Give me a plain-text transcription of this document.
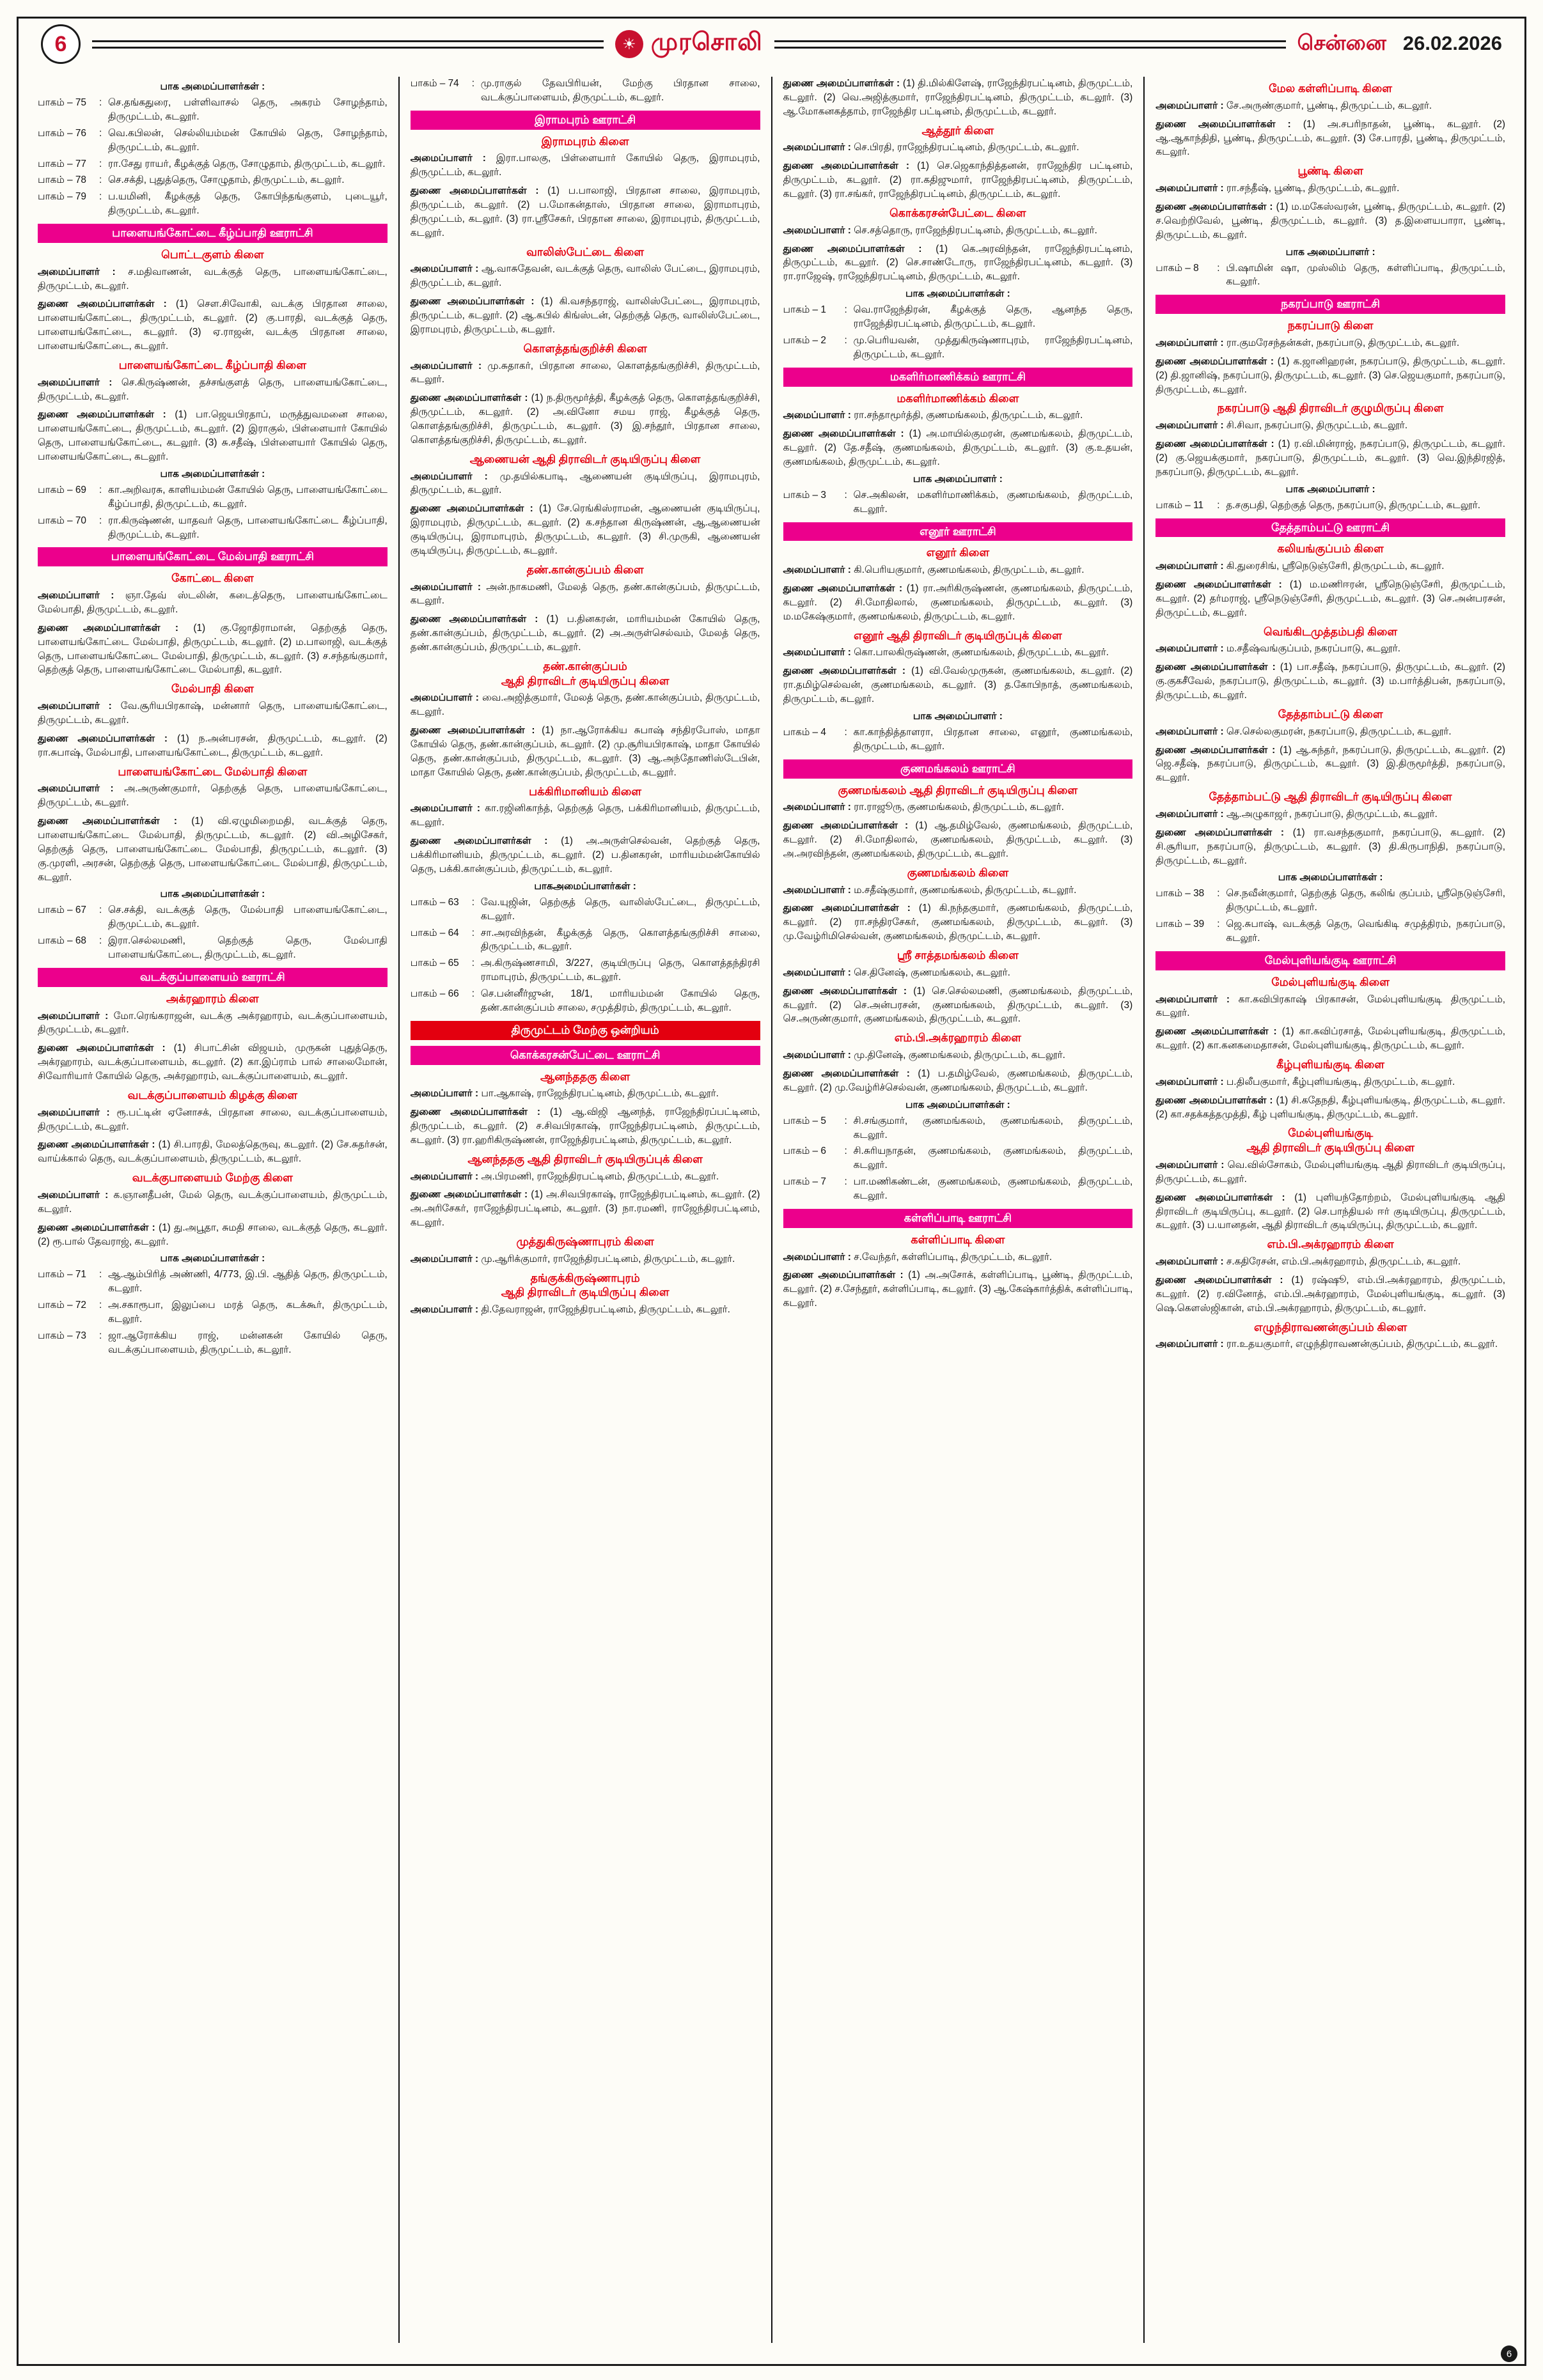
6	☀ முரசொலி	சென்னை 26.02.2026
பாக அமைப்பாளர்கள் :
பாகம் – 75	: செ.தங்கதுரை, பள்ளிவாசல் தெரு, அகரம் சோழந்தாம், திருமுட்டம், கடலூர்.
பாகம் – 76	: வெ.கபிலன், செல்லியம்மன் கோயில் தெரு, சோழந்தாம், திருமுட்டம், கடலூர்.
பாகம் – 77	: ரா.சேது ராயர், கீழக்குத் தெரு, சோழுதாம், திருமுட்டம், கடலூர்.
பாகம் – 78	: செ.சக்தி, புதுத்தெரு, சோழுதாம், திருமுட்டம், கடலூர்.
பாகம் – 79	: ப.யமினி, கீழக்குத் தெரு, கோபிந்தங்குளம், புடையூர், திருமுட்டம், கடலூர்.
பாளையங்கோட்டை கீழ்ப்பாதி ஊராட்சி
பொட்டகுளம் கிளை

அமைப்பாளர் : ச.மதிவாணன், வடக்குத் தெரு, பாளையங்கோட்டை, திருமுட்டம், கடலூர்.

துணை அமைப்பாளர்கள் : (1) சௌ.சிவோகி, வடக்கு பிரதான சாலை, பாளையங்கோட்டை, திருமுட்டம், கடலூர். (2) கு.பாரதி, வடக்குத் தெரு, பாளையங்கோட்டை, கடலூர். (3) ஏ.ராஜன், வடக்கு பிரதான சாலை, பாளையங்கோட்டை, கடலூர்.

பாளையங்கோட்டை கீழ்ப்பாதி கிளை

அமைப்பாளர் : செ.கிருஷ்ணன், தச்சங்குளத் தெரு, பாளையங்கோட்டை, திருமுட்டம், கடலூர்.

துணை அமைப்பாளர்கள் : (1) பா.ஜெயபிரதாப், மருத்துவமனை சாலை, பாளையங்கோட்டை, திருமுட்டம், கடலூர். (2) இராகுல், பிள்ளையார் கோயில் தெரு, பாளையங்கோட்டை, கடலூர். (3) சு.சதீஷ், பிள்ளையார் கோயில் தெரு, பாளையங்கோட்டை, கடலூர்.

பாக அமைப்பாளர்கள் :
பாகம் – 69	: கா.அறிவரசு, காளியம்மன் கோயில் தெரு, பாளையங்கோட்டை கீழ்ப்பாதி, திருமுட்டம், கடலூர்.
பாகம் – 70	: ரா.கிருஷ்ணன், யாதவர் தெரு, பாளையங்கோட்டை கீழ்ப்பாதி, திருமுட்டம், கடலூர்.
பாளையங்கோட்டை மேல்பாதி ஊராட்சி
கோட்டை கிளை

அமைப்பாளர் : ஞா.தேவ் ஸ்டலின், கடைத்தெரு, பாளையங்கோட்டை மேல்பாதி, திருமுட்டம், கடலூர்.

துணை அமைப்பாளர்கள் : (1) கு.ஜோதிராமான், தெற்குத் தெரு, பாளையங்கோட்டை மேல்பாதி, திருமுட்டம், கடலூர். (2) ம.பாலாஜி, வடக்குத் தெரு, பாளையங்கோட்டை மேல்பாதி, திருமுட்டம், கடலூர். (3) ச.சந்தங்குமார், தெற்குத் தெரு, பாளையங்கோட்டை மேல்பாதி, கடலூர்.

மேல்பாதி கிளை

அமைப்பாளர் : வே.சூரியபிரகாஷ், மன்னார் தெரு, பாளையங்கோட்டை, திருமுட்டம், கடலூர்.

துணை அமைப்பாளர்கள் : (1) ந.அன்பரசன், திருமுட்டம், கடலூர். (2) ரா.சுபாஷ், மேல்பாதி, பாளையங்கோட்டை, திருமுட்டம், கடலூர்.

பாளையங்கோட்டை மேல்பாதி கிளை

அமைப்பாளர் : அ.அருண்குமார், தெற்குத் தெரு, பாளையங்கோட்டை, திருமுட்டம், கடலூர்.

துணை அமைப்பாளர்கள் : (1) வி.ஏழுமிறைமதி, வடக்குத் தெரு, பாளையங்கோட்டை மேல்பாதி, திருமுட்டம், கடலூர். (2) வி.அழிசேகர், தெற்குத் தெரு, பாளையங்கோட்டை மேல்பாதி, திருமுட்டம், கடலூர். (3) கு.முரளி, அரசன், தெற்குத் தெரு, பாளையங்கோட்டை மேல்பாதி, திருமுட்டம், கடலூர்.

பாக அமைப்பாளர்கள் :
பாகம் – 67	: செ.சக்தி, வடக்குத் தெரு, மேல்பாதி பாளையங்கோட்டை, திருமுட்டம், கடலூர்.
பாகம் – 68	: இரா.செல்லமணி, தெற்குத் தெரு, மேல்பாதி பாளையங்கோட்டை, திருமுட்டம், கடலூர்.
வடக்குப்பாளையம் ஊராட்சி
அக்ரஹாரம் கிளை

அமைப்பாளர் : மோ.ரெங்கராஜன், வடக்கு அக்ரஹாரம், வடக்குப்பாளையம், திருமுட்டம், கடலூர்.

துணை அமைப்பாளர்கள் : (1) சிபாட்சின் விஜயம், முருகன் புதுத்தெரு, அக்ரஹாரம், வடக்குப்பாளையம், கடலூர். (2) கா.இப்ராம் பால் சாலைமோன், சிவோரியார் கோயில் தெரு, அக்ரஹாரம், வடக்குப்பாளையம், கடலூர்.

வடக்குப்பாளையம் கிழக்கு கிளை

அமைப்பாளர் : ரூ.பட்டின் ஏனோசக், பிரதான சாலை, வடக்குப்பாளையம், திருமுட்டம், கடலூர்.

துணை அமைப்பாளர்கள் : (1) சி.பாரதி, மேலத்தெருவு, கடலூர். (2) சே.சுதர்சன், வாய்க்கால் தெரு, வடக்குப்பாளையம், திருமுட்டம், கடலூர்.

வடக்குபாளையம் மேற்கு கிளை

அமைப்பாளர் : க.ஞானதீபன், மேல் தெரு, வடக்குப்பாளையம், திருமுட்டம், கடலூர்.

துணை அமைப்பாளர்கள் : (1) து.அபூதா, சுமதி சாலை, வடக்குத் தெரு, கடலூர். (2) ரூ.பால் தேவராஜ், கடலூர்.

பாக அமைப்பாளர்கள் :
பாகம் – 71	: ஆ.ஆம்பிரித் அண்ணி, 4/773, இ.பி. ஆதித் தெரு, திருமுட்டம், கடலூர்.
பாகம் – 72	: அ.சகாரூபா, இலுப்பை மரத் தெரு, கடக்கூர், திருமுட்டம், கடலூர்.
பாகம் – 73	: ஜா.ஆரோக்கிய ராஜ், மன்னகன் கோயில் தெரு, வடக்குப்பாளையம், திருமுட்டம், கடலூர்.
பாகம் – 74	: மு.ராகுல் தேவபிரியன், மேற்கு பிரதான சாலை, வடக்குப்பாளையம், திருமுட்டம், கடலூர்.
இராமபுரம் ஊராட்சி
இராமபுரம் கிளை

அமைப்பாளர் : இரா.பாலகு, பிள்ளையார் கோயில் தெரு, இராமபுரம், திருமுட்டம், கடலூர்.

துணை அமைப்பாளர்கள் : (1) ப.பாலாஜி, பிரதான சாலை, இராமபுரம், திருமுட்டம், கடலூர். (2) ப.மோகன்தாஸ், பிரதான சாலை, இராமாபுரம், திருமுட்டம், கடலூர். (3) ரா.ஸ்ரீசேகர், பிரதான சாலை, இராமபுரம், திருமுட்டம், கடலூர்.

வாலிஸ்பேட்டை கிளை

அமைப்பாளர் : ஆ.வாசுதேவன், வடக்குத் தெரு, வாலிஸ் பேட்டை, இராமபுரம், திருமுட்டம், கடலூர்.

துணை அமைப்பாளர்கள் : (1) கி.வசந்தராஜ், வாலிஸ்பேட்டை, இராமபுரம், திருமுட்டம், கடலூர். (2) ஆ.கபில் கிங்ஸ்டன், தெற்குத் தெரு, வாலிஸ்பேட்டை, இராமபுரம், திருமுட்டம், கடலூர்.

கொளத்தங்குறிச்சி கிளை

அமைப்பாளர் : மு.சுதாகர், பிரதான சாலை, கொளத்தங்குறிச்சி, திருமுட்டம், கடலூர்.

துணை அமைப்பாளர்கள் : (1) ந.திருமூர்த்தி, கீழக்குத் தெரு, கொளத்தங்குறிச்சி, திருமுட்டம், கடலூர். (2) அ.வினோ சமய ராஜ், கீழக்குத் தெரு, கொளத்தங்குறிச்சி, திருமுட்டம், கடலூர். (3) இ.சந்தூர், பிரதான சாலை, கொளத்தங்குறிச்சி, திருமுட்டம், கடலூர்.

ஆணையன் ஆதி திராவிடர் குடியிருப்பு கிளை

அமைப்பாளர் : மு.தயில்கபாடி, ஆணையன் குடியிருப்பு, இராமபுரம், திருமுட்டம், கடலூர்.

துணை அமைப்பாளர்கள் : (1) சே.ரெங்கிஸ்ராமன், ஆணையன் குடியிருப்பு, இராமபுரம், திருமுட்டம், கடலூர். (2) க.சந்தான கிருஷ்ணன், ஆ.ஆணையன் குடியிருப்பு, இராமாபுரம், திருமுட்டம், கடலூர். (3) சி.முருகி, ஆணையன் குடியிருப்பு, திருமுட்டம், கடலூர்.

தண்.கான்குப்பம் கிளை

அமைப்பாளர் : அன்.நாகமணி, மேலத் தெரு, தண்.கான்குப்பம், திருமுட்டம், கடலூர்.

துணை அமைப்பாளர்கள் : (1) ப.தினகரன், மாரியம்மன் கோயில் தெரு, தண்.கான்குப்பம், திருமுட்டம், கடலூர். (2) அ.அருள்செல்வம், மேலத் தெரு, தண்.கான்குப்பம், திருமுட்டம், கடலூர்.

தண்.கான்குப்பம்
ஆதி திராவிடர் குடியிருப்பு கிளை

அமைப்பாளர் : வை.அஜித்குமார், மேலத் தெரு, தண்.கான்குப்பம், திருமுட்டம், கடலூர்.

துணை அமைப்பாளர்கள் : (1) நா.ஆரோக்கிய சுபாஷ் சந்திரபோஸ், மாதா கோயில் தெரு, தண்.கான்குப்பம், கடலூர். (2) மு.சூரியபிரகாஷ், மாதா கோயில் தெரு, தண்.கான்குப்பம், திருமுட்டம், கடலூர். (3) ஆ.அந்தோணிஸ்டேபின், மாதா கோயில் தெரு, தண்.கான்குப்பம், திருமுட்டம், கடலூர்.

பக்கிரிமானியம் கிளை

அமைப்பாளர் : கா.ரஜினிகாந்த், தெற்குத் தெரு, பக்கிரிமானியம், திருமுட்டம், கடலூர்.

துணை அமைப்பாளர்கள் : (1) அ.அருள்செல்வன், தெற்குத் தெரு, பக்கிரிமானியம், திருமுட்டம், கடலூர். (2) ப.தினகரன், மாரியம்மன்கோயில் தெரு, பக்கி.கான்குப்பம், திருமுட்டம், கடலூர்.

பாகஅமைப்பாளர்கள் :
பாகம் – 63	: வே.யுஜின், தெற்குத் தெரு, வாலிஸ்பேட்டை, திருமுட்டம், கடலூர்.
பாகம் – 64	: சா.அரவிந்தன், கீழக்குத் தெரு, கொளத்தங்குறிச்சி சாலை, திருமுட்டம், கடலூர்.
பாகம் – 65	: அ.கிருஷ்ணசாமி, 3/227, குடியிருப்பு தெரு, கொளத்தந்திரசி ராமாபுரம், திருமுட்டம், கடலூர்.
பாகம் – 66	: செ.பன்னீர்ஜுன், 18/1, மாரியம்மன் கோயில் தெரு, தண்.கான்குப்பம் சாலை, சமுத்திரம், திருமுட்டம், கடலூர்.
திருமுட்டம் மேற்கு ஒன்றியம்
கொக்கரசன்பேட்டை ஊராட்சி
ஆனந்ததகு கிளை

அமைப்பாளர் : பா.ஆகாஷ், ராஜேந்திரபட்டினம், திருமுட்டம், கடலூர்.

துணை அமைப்பாளர்கள் : (1) ஆ.விஜி ஆனந்த், ராஜேந்திரப்பட்டினம், திருமுட்டம், கடலூர். (2) ச.சிவபிரகாஷ், ராஜேந்திரபட்டினம், திருமுட்டம், கடலூர். (3) ரா.ஹரிகிருஷ்ணன், ராஜேந்திரபட்டினம், திருமுட்டம், கடலூர்.

ஆனந்ததகு ஆதி திராவிடர் குடியிருப்புக் கிளை

அமைப்பாளர் : அ.பிரமணி, ராஜேந்திரபட்டினம், திருமுட்டம், கடலூர்.

துணை அமைப்பாளர்கள் : (1) அ.சிவபிரகாஷ், ராஜேந்திரபட்டினம், கடலூர். (2) அ.அரிசேகர், ராஜேந்திரபட்டினம், கடலூர். (3) நா.ரமணி, ராஜேந்திரபட்டினம், கடலூர்.

முத்துகிருஷ்ணாபுரம் கிளை

அமைப்பாளர் : மு.ஆரிக்குமார், ராஜேந்திரபட்டினம், திருமுட்டம், கடலூர்.

தங்குக்கிருஷ்ணாபுரம்
ஆதி திராவிடர் குடியிருப்பு கிளை

அமைப்பாளர் : தி.தேவராஜன், ராஜேந்திரபட்டினம், திருமுட்டம், கடலூர்.

துணை அமைப்பாளர்கள் : (1) தி.மில்கிளேஷ், ராஜேந்திரபட்டினம், திருமுட்டம், கடலூர். (2) வெ.அஜித்குமார், ராஜேந்திரபட்டினம், திருமுட்டம், கடலூர். (3) ஆ.மோகனகத்தாம், ராஜேந்திர பட்டினம், திருமுட்டம், கடலூர்.

ஆத்தூர் கிளை

அமைப்பாளர் : செ.பிரதி, ராஜேந்திரபட்டினம், திருமுட்டம், கடலூர்.

துணை அமைப்பாளர்கள் : (1) செ.ஜெகாந்தித்தனன், ராஜேந்திர பட்டினம், திருமுட்டம், கடலூர். (2) ரா.கதிஜுமார், ராஜேந்திரபட்டினம், திருமுட்டம், கடலூர். (3) ரா.சங்கர், ராஜேந்திரபட்டினம், திருமுட்டம், கடலூர்.

கொக்கரசன்பேட்டை கிளை

அமைப்பாளர் : செ.சத்தொரு, ராஜேந்திரபட்டினம், திருமுட்டம், கடலூர்.

துணை அமைப்பாளர்கள் : (1) கெ.அரவிந்தன், ராஜேந்திரபட்டினம், திருமுட்டம், கடலூர். (2) செ.சாண்டோரு, ராஜேந்திரபட்டினம், கடலூர். (3) ரா.ராஜேஷ், ராஜேந்திரபட்டினம், திருமுட்டம், கடலூர்.

பாக அமைப்பாளர்கள் :
பாகம் – 1	: வெ.ராஜேந்திரன், கீழக்குத் தெரு, ஆனந்த தெரு, ராஜேந்திரபட்டினம், திருமுட்டம், கடலூர்.
பாகம் – 2	: மு.பெரியவன், முத்துகிருஷ்ணாபுரம், ராஜேந்திரபட்டினம், திருமுட்டம், கடலூர்.
மகளிர்மாணிக்கம் ஊராட்சி
மகளிர்மாணிக்கம் கிளை

அமைப்பாளர் : ரா.சந்தாமூர்த்தி, குணமங்கலம், திருமுட்டம், கடலூர்.

துணை அமைப்பாளர்கள் : (1) அ.மாயில்குமரன், குணமங்கலம், திருமுட்டம், கடலூர். (2) தே.சதீஷ், குணமங்கலம், திருமுட்டம், கடலூர். (3) கு.உதயன், குணமங்கலம், திருமுட்டம், கடலூர்.

பாக அமைப்பாளர் :
பாகம் – 3	: செ.அகிலன், மகளிர்மாணிக்கம், குணமங்கலம், திருமுட்டம், கடலூர்.
எனூர் ஊராட்சி
எனூர் கிளை

அமைப்பாளர் : கி.பெரியகுமார், குணமங்கலம், திருமுட்டம், கடலூர்.

துணை அமைப்பாளர்கள் : (1) ரா.அரிகிருஷ்ணன், குணமங்கலம், திருமுட்டம், கடலூர். (2) சி.மோதிலால், குணமங்கலம், திருமுட்டம், கடலூர். (3) ம.மகேஷ்குமார், குணமங்கலம், திருமுட்டம், கடலூர்.

எனூர் ஆதி திராவிடர் குடியிருப்புக் கிளை

அமைப்பாளர் : கொ.பாலகிருஷ்ணன், குணமங்கலம், திருமுட்டம், கடலூர்.

துணை அமைப்பாளர்கள் : (1) வி.வேல்முருகன், குணமங்கலம், கடலூர். (2) ரா.தமிழ்செல்வன், குணமங்கலம், கடலூர். (3) த.கோபிநாத், குணமங்கலம், திருமுட்டம், கடலூர்.

பாக அமைப்பாளர் :
பாகம் – 4	: கா.காந்தித்தாளரா, பிரதான சாலை, எனூர், குணமங்கலம், திருமுட்டம், கடலூர்.
குணமங்கலம் ஊராட்சி
குணமங்கலம் ஆதி திராவிடர் குடியிருப்பு கிளை

அமைப்பாளர் : ரா.ராஜூரு, குணமங்கலம், திருமுட்டம், கடலூர்.

துணை அமைப்பாளர்கள் : (1) ஆ.தமிழ்வேல், குணமங்கலம், திருமுட்டம், கடலூர். (2) சி.மோதிலால், குணமங்கலம், திருமுட்டம், கடலூர். (3) அ.அரவிந்தன், குணமங்கலம், திருமுட்டம், கடலூர்.

குணமங்கலம் கிளை

அமைப்பாளர் : ம.சதீஷ்குமார், குணமங்கலம், திருமுட்டம், கடலூர்.

துணை அமைப்பாளர்கள் : (1) கி.நந்தகுமார், குணமங்கலம், திருமுட்டம், கடலூர். (2) ரா.சந்திரசேகர், குணமங்கலம், திருமுட்டம், கடலூர். (3) மு.வேழ்ரிமிசெல்வன், குணமங்கலம், திருமுட்டம், கடலூர்.

ஸ்ரீ சாத்தமங்கலம் கிளை

அமைப்பாளர் : செ.தினேஷ், குணமங்கலம், கடலூர்.

துணை அமைப்பாளர்கள் : (1) செ.செல்லமணி, குணமங்கலம், திருமுட்டம், கடலூர். (2) செ.அன்பரசன், குணமங்கலம், திருமுட்டம், கடலூர். (3) செ.அருண்குமார், குணமங்கலம், திருமுட்டம், கடலூர்.

எம்.பி.அக்ரஹாரம் கிளை

அமைப்பாளர் : மு.தினேஷ், குணமங்கலம், திருமுட்டம், கடலூர்.

துணை அமைப்பாளர்கள் : (1) ப.தமிழ்வேல், குணமங்கலம், திருமுட்டம், கடலூர். (2) மு.வேழ்ரிச்செல்வன், குணமங்கலம், திருமுட்டம், கடலூர்.

பாக அமைப்பாளர்கள் :
பாகம் – 5	: சி.சங்குமார், குணமங்கலம், குணமங்கலம், திருமுட்டம், கடலூர்.
பாகம் – 6	: சி.சுரியநாதன், குணமங்கலம், குணமங்கலம், திருமுட்டம், கடலூர்.
பாகம் – 7	: பா.மணிகண்டன், குணமங்கலம், குணமங்கலம், திருமுட்டம், கடலூர்.
கள்ளிப்பாடி ஊராட்சி
கள்ளிப்பாடி கிளை

அமைப்பாளர் : ச.வேந்தர், கள்ளிப்பாடி, திருமுட்டம், கடலூர்.

துணை அமைப்பாளர்கள் : (1) அ.அசோக், கள்ளிப்பாடி, பூண்டி, திருமுட்டம், கடலூர். (2) ச.சேந்தூர், கள்ளிப்பாடி, கடலூர். (3) ஆ.கேஷ்கார்த்திக், கள்ளிப்பாடி, கடலூர்.

மேல கள்ளிப்பாடி கிளை

அமைப்பாளர் : சே.அருண்குமார், பூண்டி, திருமுட்டம், கடலூர்.

துணை அமைப்பாளர்கள் : (1) அ.சபரிநாதன், பூண்டி, கடலூர். (2) ஆ.ஆகாந்திதி, பூண்டி, திருமுட்டம், கடலூர். (3) சே.பாரதி, பூண்டி, திருமுட்டம், கடலூர்.

பூண்டி கிளை

அமைப்பாளர் : ரா.சந்தீஷ், பூண்டி, திருமுட்டம், கடலூர்.

துணை அமைப்பாளர்கள் : (1) ம.மகேஸ்வரன், பூண்டி, திருமுட்டம், கடலூர். (2) ச.வெற்றிவேல், பூண்டி, திருமுட்டம், கடலூர். (3) த.இளையபாரா, பூண்டி, திருமுட்டம், கடலூர்.

பாக அமைப்பாளர் :
பாகம் – 8	: பி.ஷாமின் ஷா, முஸ்லிம் தெரு, கள்ளிப்பாடி, திருமுட்டம், கடலூர்.
நகரப்பாடு ஊராட்சி
நகரப்பாடு கிளை

அமைப்பாளர் : ரா.குமரேசந்தன்கள், நகரப்பாடு, திருமுட்டம், கடலூர்.

துணை அமைப்பாளர்கள் : (1) க.ஜானிஹரன், நகரப்பாடு, திருமுட்டம், கடலூர். (2) தி.ஜானிஷ், நகரப்பாடு, திருமுட்டம், கடலூர். (3) செ.ஜெயகுமார், நகரப்பாடு, திருமுட்டம், கடலூர்.

நகரப்பாடு ஆதி திராவிடர் குழுமிருப்பு கிளை

அமைப்பாளர் : சி.சிவா, நகரப்பாடு, திருமுட்டம், கடலூர்.

துணை அமைப்பாளர்கள் : (1) ர.வி.மின்ராஜ், நகரப்பாடு, திருமுட்டம், கடலூர். (2) கு.ஜெயக்குமார், நகரப்பாடு, திருமுட்டம், கடலூர். (3) வெ.இந்திரஜித், நகரப்பாடு, திருமுட்டம், கடலூர்.

பாக அமைப்பாளர் :
பாகம் – 11	: த.சகுபதி, தெற்குத் தெரு, நகரப்பாடு, திருமுட்டம், கடலூர்.
தேத்தாம்பட்டு ஊராட்சி
கலியங்குப்பம் கிளை

அமைப்பாளர் : கி.துரைசிங், ஸ்ரீநெடுஞ்சேரி, திருமுட்டம், கடலூர்.

துணை அமைப்பாளர்கள் : (1) ம.மணிஈரன், ஸ்ரீநெடுஞ்சேரி, திருமுட்டம், கடலூர். (2) தர்மராஜ், ஸ்ரீநெடுஞ்சேரி, திருமுட்டம், கடலூர். (3) செ.அன்பரசன், திருமுட்டம், கடலூர்.

வெங்கிடமுத்தம்பதி கிளை

அமைப்பாளர் : ம.சதீஷ்வங்குப்பம், நகரப்பாடு, கடலூர்.

துணை அமைப்பாளர்கள் : (1) பா.சதீஷ், நகரப்பாடு, திருமுட்டம், கடலூர். (2) கு.குகசீவேல், நகரப்பாடு, திருமுட்டம், கடலூர். (3) ம.பார்த்திபன், நகரப்பாடு, திருமுட்டம், கடலூர்.

தேத்தாம்பட்டு கிளை

அமைப்பாளர் : செ.செல்லகுமரன், நகரப்பாடு, திருமுட்டம், கடலூர்.

துணை அமைப்பாளர்கள் : (1) ஆ.சுந்தர், நகரப்பாடு, திருமுட்டம், கடலூர். (2) ஜெ.சதீஷ், நகரப்பாடு, திருமுட்டம், கடலூர். (3) இ.திருமூர்த்தி, நகரப்பாடு, கடலூர்.

தேத்தாம்பட்டு ஆதி திராவிடர் குடியிருப்பு கிளை

அமைப்பாளர் : ஆ.அழுகாஜா், நகரப்பாடு, திருமுட்டம், கடலூர்.

துணை அமைப்பாளர்கள் : (1) ரா.வசந்தகுமார், நகரப்பாடு, கடலூர். (2) சி.சூரியா, நகரப்பாடு, திருமுட்டம், கடலூர். (3) தி.கிருபாநிதி, நகரப்பாடு, திருமுட்டம், கடலூர்.

பாக அமைப்பாளர்கள் :
பாகம் – 38	: செ.நவீன்குமார், தெற்குத் தெரு, கலிங் குப்பம், ஸ்ரீநெடுஞ்சேரி, திருமுட்டம், கடலூர்.
பாகம் – 39	: ஜெ.சுபாஷ், வடக்குத் தெரு, வெங்கிடி சமுத்திரம், நகரப்பாடு, கடலூர்.
மேல்புளியங்குடி ஊராட்சி
மேல்புளியங்குடி கிளை

அமைப்பாளர் : கா.கவிபிரகாஷ் பிரகாசன், மேல்புளியங்குடி திருமுட்டம், கடலூர்.

துணை அமைப்பாளர்கள் : (1) கா.கவிப்ரசாத், மேல்புளியங்குடி, திருமுட்டம், கடலூர். (2) கா.கனகமைதாசன், மேல்புளியங்குடி, திருமுட்டம், கடலூர்.

கீழ்புளியங்குடி கிளை

அமைப்பாளர் : ப.திலீபகுமார், கீழ்புளியங்குடி, திருமுட்டம், கடலூர்.

துணை அமைப்பாளர்கள் : (1) சி.கதேநதி, கீழ்புளியங்குடி, திருமுட்டம், கடலூர். (2) கா.சதக்கத்தமுத்தி, கீழ் புளியங்குடி, திருமுட்டம், கடலூர்.

மேல்புளியங்குடி
ஆதி திராவிடர் குடியிருப்பு கிளை

அமைப்பாளர் : வெ.வில்சோகம், மேல்புளியங்குடி ஆதி திராவிடர் குடியிருப்பு, திருமுட்டம், கடலூர்.

துணை அமைப்பாளர்கள் : (1) புளியந்தோற்றம், மேல்புளியங்குடி ஆதி திராவிடர் குடியிருப்பு, கடலூர். (2) செ.பாந்தியல் ஈர் குடியிருப்பு, திருமுட்டம், கடலூர். (3) ப.யானதன், ஆதி திராவிடர் குடியிருப்பு, திருமுட்டம், கடலூர்.

எம்.பி.அக்ரஹாரம் கிளை

அமைப்பாளர் : ச.கதிரேசன், எம்.பி.அக்ரஹாரம், திருமுட்டம், கடலூர்.

துணை அமைப்பாளர்கள் : (1) ரஷ்ஷூ, எம்.பி.அக்ரஹாரம், திருமுட்டம், கடலூர். (2) ர.வினோத், எம்.பி.அக்ரஹாரம், மேல்புளியங்குடி, கடலூர். (3) ஷெ.கௌஸ்ஜிகான், எம்.பி.அக்ரஹாரம், திருமுட்டம், கடலூர்.

எழுந்திராவணன்குப்பம் கிளை

அமைப்பாளர் : ரா.உதயகுமார், எழுந்திராவணன்குப்பம், திருமுட்டம், கடலூர்.

6
